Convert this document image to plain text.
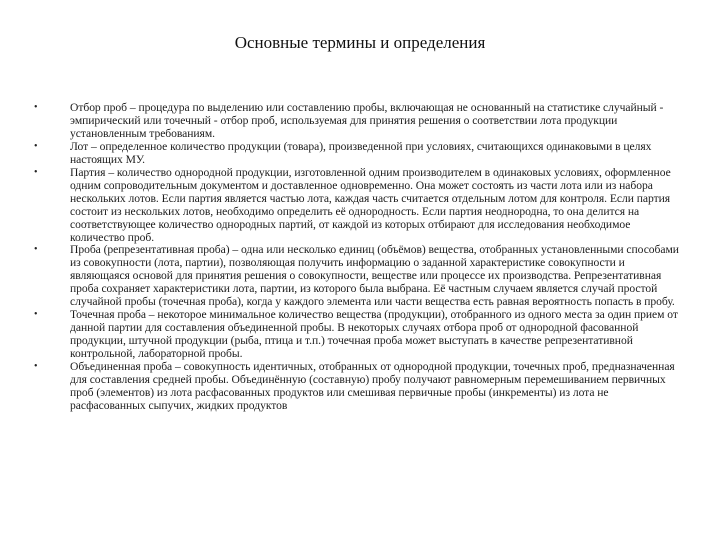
Основные термины и определения
•	Отбор проб – процедура по выделению или составлению пробы, включающая не основанный на статистике случайный - эмпирический или точечный - отбор проб, используемая для принятия решения о соответствии лота продукции установленным требованиям.
•	Лот – определенное количество продукции (товара), произведенной при условиях, считающихся одинаковыми в целях настоящих МУ.
•	Партия – количество однородной продукции, изготовленной одним производителем в одинаковых условиях, оформленное одним сопроводительным документом и доставленное одновременно. Она может состоять из части лота или из набора нескольких лотов. Если партия является частью лота, каждая часть считается отдельным лотом для контроля. Если партия состоит из нескольких лотов, необходимо определить её однородность. Если партия неоднородна, то она делится на соответствующее количество однородных партий, от каждой из которых отбирают для исследования необходимое количество проб.
•	Проба (репрезентативная проба) – одна или несколько единиц (объёмов) вещества, отобранных установленными способами из совокупности (лота, партии), позволяющая получить информацию о заданной характеристике совокупности и являющаяся основой для принятия решения о совокупности, веществе или процессе их производства. Репрезентативная проба сохраняет характеристики лота, партии, из которого была выбрана. Её частным случаем является случай простой случайной пробы (точечная проба), когда у каждого элемента или части вещества есть равная вероятность попасть в пробу.
•	Точечная проба – некоторое минимальное количество вещества (продукции), отобранного из одного места за один прием от данной партии для составления объединенной пробы. В некоторых случаях отбора проб от однородной фасованной продукции, штучной продукции (рыба, птица и т.п.) точечная проба может выступать в качестве репрезентативной контрольной, лабораторной пробы.
•	Объединенная проба – совокупность идентичных, отобранных от однородной продукции, точечных проб, предназначенная для составления средней пробы. Объединённую (составную) пробу получают равномерным перемешиванием первичных проб (элементов) из лота расфасованных продуктов или смешивая первичные пробы (инкременты) из лота не расфасованных сыпучих, жидких продуктов
